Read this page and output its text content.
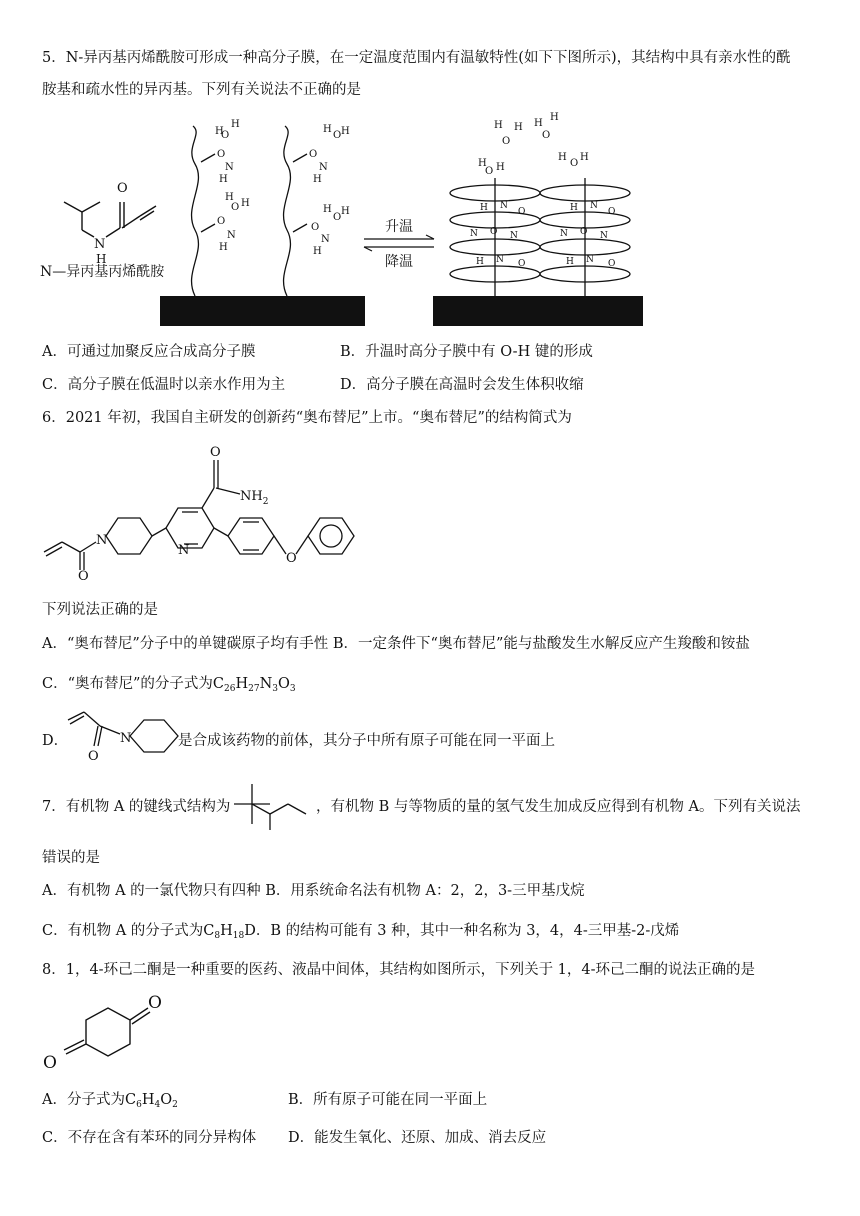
5．N-异丙基丙烯酰胺可形成一种高分子膜，在一定温度范围内有温敏特性(如下下图所示)，其结构中具有亲水性的酰
胺基和疏水性的异丙基。下列有关说法不正确的是
O
N
H
N—异丙基丙烯酰胺
H
H
O
O
N
H
H
H
O
O
N
H
H H
O
O
N
H
H H
O
O
N
H
升温
降温
H H
O
H
H
O
H H
O
H H
O
H N
O
N O N
H N O
H N
O
N O N
H N O
A．可通过加聚反应合成高分子膜	B．升温时高分子膜中有 O-H 键的形成
C．高分子膜在低温时以亲水作用为主	D．高分子膜在高温时会发生体积收缩
6．2021 年初，我国自主研发的创新药“奥布替尼”上市。“奥布替尼”的结构简式为
N
O
O
$NH_2$
N
O
下列说法正确的是
A．“奥布替尼”分子中的单键碳原子均有手性 B．一定条件下“奥布替尼”能与盐酸发生水解反应产生羧酸和铵盐
C．“奥布替尼”的分子式为$C_{26}H_{27}N_3O_3$
D．	N
O
是合成该药物的前体，其分子中所有原子可能在同一平面上
7．有机物 A 的键线式结构为	，有机物 B 与等物质的量的氢气发生加成反应得到有机物 A。下列有关说法
错误的是
A．有机物 A 的一氯代物只有四种 B．用系统命名法有机物 A：2，2，3-三甲基戊烷
C．有机物 A 的分子式为$C_8H_{18}D$．B 的结构可能有 3 种，其中一种名称为 3，4，4-三甲基-2-戊烯
8．1，4-环己二酮是一种重要的医药、液晶中间体，其结构如图所示，下列关于 1，4-环己二酮的说法正确的是
O
O
A．分子式为$C_6H_4O_2$	B．所有原子可能在同一平面上
C．不存在含有苯环的同分异构体 D．能发生氧化、还原、加成、消去反应
